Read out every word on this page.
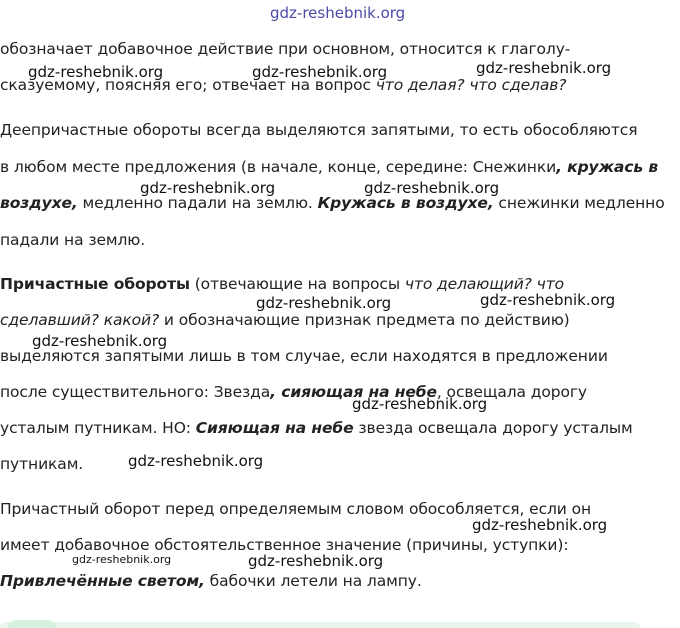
gdz-reshebnik.org
gdz-reshebnik.org	gdz-reshebnik.org	gdz-reshebnik.org
gdz-reshebnik.org	gdz-reshebnik.org
gdz-reshebnik.org	gdz-reshebnik.org
gdz-reshebnik.org
gdz-reshebnik.org
gdz-reshebnik.org
gdz-reshebnik.org
gdz-reshebnik.org	gdz-reshebnik.org
обозначает добавочное действие при основном, относится к глаголу-
сказуемому, поясняя его; отвечает на вопрос что делая? что сделав?
Деепричастные обороты всегда выделяются запятыми, то есть обособляются
в любом месте предложения (в начале, конце, середине: Снежинки, кружась в
воздухе, медленно падали на землю. Кружась в воздухе, снежинки медленно
падали на землю.
Причастные обороты (отвечающие на вопросы что делающий? что
сделавший? какой? и обозначающие признак предмета по действию)
выделяются запятыми лишь в том случае, если находятся в предложении
после существительного: Звезда, сияющая на небе, освещала дорогу
усталым путникам. НО: Сияющая на небе звезда освещала дорогу усталым
путникам.
Причастный оборот перед определяемым словом обособляется, если он
имеет добавочное обстоятельственное значение (причины, уступки):
Привлечённые светом, бабочки летели на лампу.
